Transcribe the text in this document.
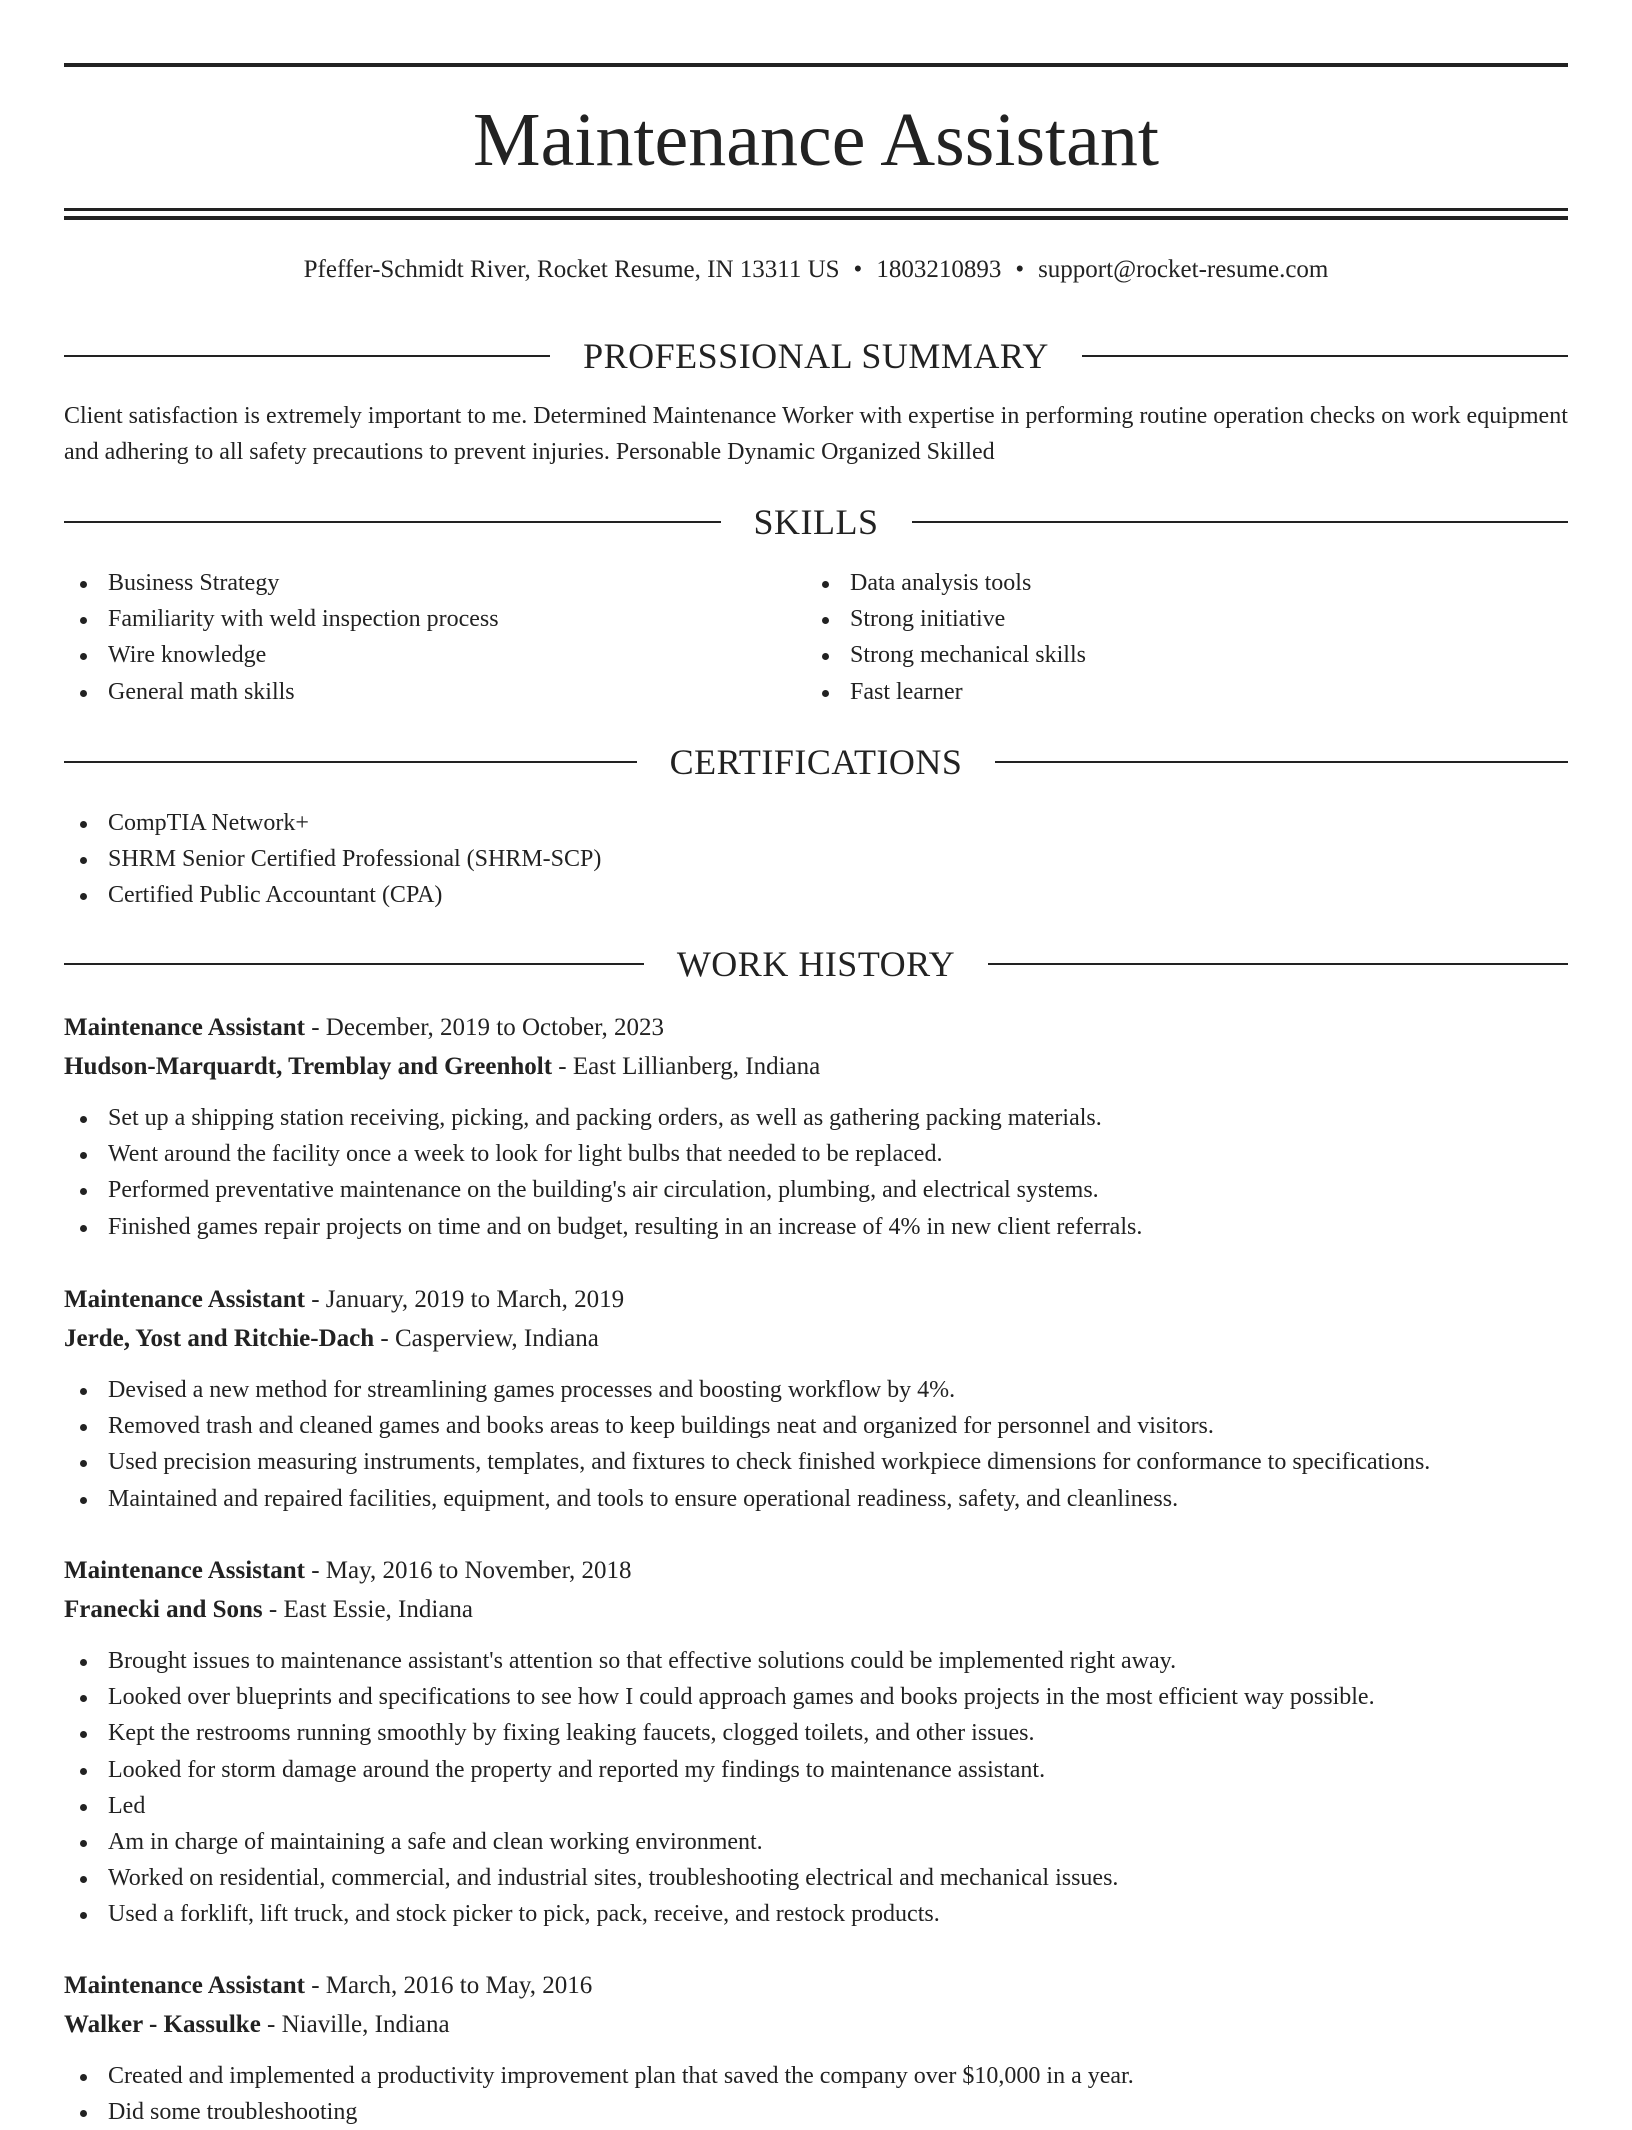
Maintenance Assistant
Pfeffer-Schmidt River, Rocket Resume, IN 13311 US • 1803210893 • support@rocket-resume.com
PROFESSIONAL SUMMARY
Client satisfaction is extremely important to me. Determined Maintenance Worker with expertise in performing routine operation checks on work equipment and adhering to all safety precautions to prevent injuries. Personable Dynamic Organized Skilled
SKILLS
Business Strategy
Familiarity with weld inspection process
Wire knowledge
General math skills
Data analysis tools
Strong initiative
Strong mechanical skills
Fast learner
CERTIFICATIONS
CompTIA Network+
SHRM Senior Certified Professional (SHRM-SCP)
Certified Public Accountant (CPA)
WORK HISTORY
Maintenance Assistant - December, 2019 to October, 2023
Hudson-Marquardt, Tremblay and Greenholt - East Lillianberg, Indiana
Set up a shipping station receiving, picking, and packing orders, as well as gathering packing materials.
Went around the facility once a week to look for light bulbs that needed to be replaced.
Performed preventative maintenance on the building's air circulation, plumbing, and electrical systems.
Finished games repair projects on time and on budget, resulting in an increase of 4% in new client referrals.
Maintenance Assistant - January, 2019 to March, 2019
Jerde, Yost and Ritchie-Dach - Casperview, Indiana
Devised a new method for streamlining games processes and boosting workflow by 4%.
Removed trash and cleaned games and books areas to keep buildings neat and organized for personnel and visitors.
Used precision measuring instruments, templates, and fixtures to check finished workpiece dimensions for conformance to specifications.
Maintained and repaired facilities, equipment, and tools to ensure operational readiness, safety, and cleanliness.
Maintenance Assistant - May, 2016 to November, 2018
Franecki and Sons - East Essie, Indiana
Brought issues to maintenance assistant's attention so that effective solutions could be implemented right away.
Looked over blueprints and specifications to see how I could approach games and books projects in the most efficient way possible.
Kept the restrooms running smoothly by fixing leaking faucets, clogged toilets, and other issues.
Looked for storm damage around the property and reported my findings to maintenance assistant.
Led
Am in charge of maintaining a safe and clean working environment.
Worked on residential, commercial, and industrial sites, troubleshooting electrical and mechanical issues.
Used a forklift, lift truck, and stock picker to pick, pack, receive, and restock products.
Maintenance Assistant - March, 2016 to May, 2016
Walker - Kassulke - Niaville, Indiana
Created and implemented a productivity improvement plan that saved the company over $10,000 in a year.
Did some troubleshooting
